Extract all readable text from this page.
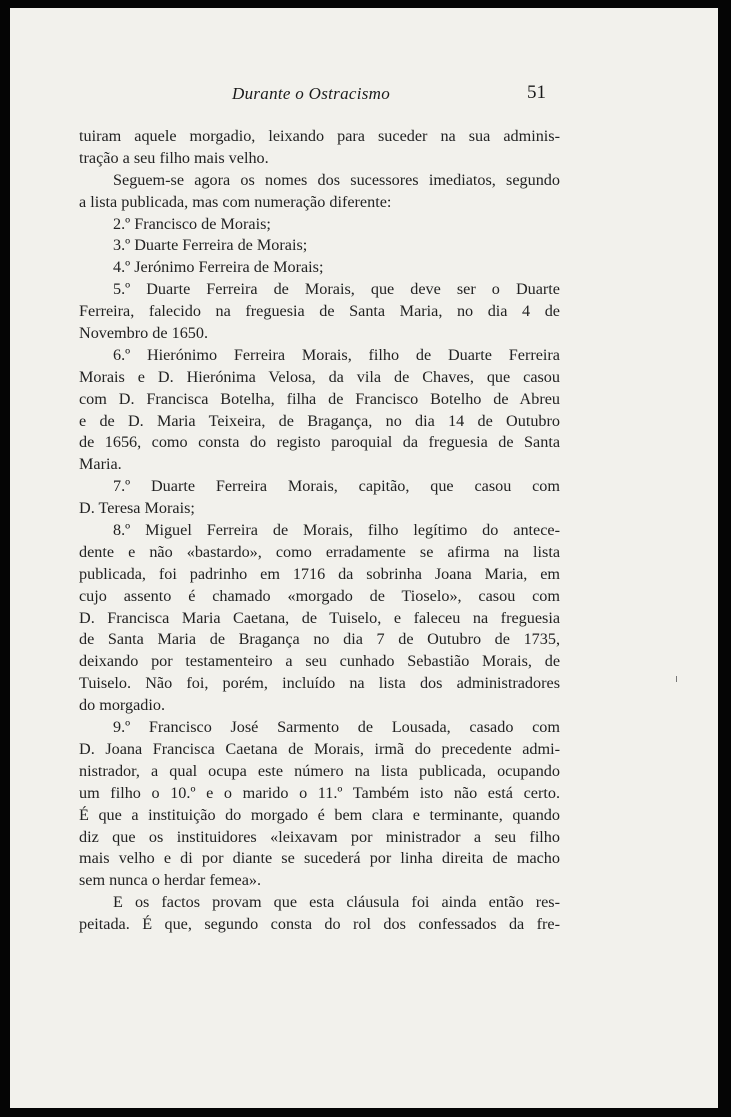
Durante o Ostracismo	51
tuiram aquele morgadio, leixando para suceder na sua adminis-
tração a seu filho mais velho.
Seguem-se agora os nomes dos sucessores imediatos, segundo
a lista publicada, mas com numeração diferente:
2.º Francisco de Morais;
3.º Duarte Ferreira de Morais;
4.º Jerónimo Ferreira de Morais;
5.º Duarte Ferreira de Morais, que deve ser o Duarte
Ferreira, falecido na freguesia de Santa Maria, no dia 4 de
Novembro de 1650.
6.º Hierónimo Ferreira Morais, filho de Duarte Ferreira
Morais e D. Hierónima Velosa, da vila de Chaves, que casou
com D. Francisca Botelha, filha de Francisco Botelho de Abreu
e de D. Maria Teixeira, de Bragança, no dia 14 de Outubro
de 1656, como consta do registo paroquial da freguesia de Santa
Maria.
7.º Duarte Ferreira Morais, capitão, que casou com
D. Teresa Morais;
8.º Miguel Ferreira de Morais, filho legítimo do antece-
dente e não «bastardo», como erradamente se afirma na lista
publicada, foi padrinho em 1716 da sobrinha Joana Maria, em
cujo assento é chamado «morgado de Tioselo», casou com
D. Francisca Maria Caetana, de Tuiselo, e faleceu na freguesia
de Santa Maria de Bragança no dia 7 de Outubro de 1735,
deixando por testamenteiro a seu cunhado Sebastião Morais, de
Tuiselo. Não foi, porém, incluído na lista dos administradores
do morgadio.
9.º Francisco José Sarmento de Lousada, casado com
D. Joana Francisca Caetana de Morais, irmã do precedente admi-
nistrador, a qual ocupa este número na lista publicada, ocupando
um filho o 10.º e o marido o 11.º Também isto não está certo.
É que a instituição do morgado é bem clara e terminante, quando
diz que os instituidores «leixavam por ministrador a seu filho
mais velho e di por diante se sucederá por linha direita de macho
sem nunca o herdar femea».
E os factos provam que esta cláusula foi ainda então res-
peitada. É que, segundo consta do rol dos confessados da fre-
